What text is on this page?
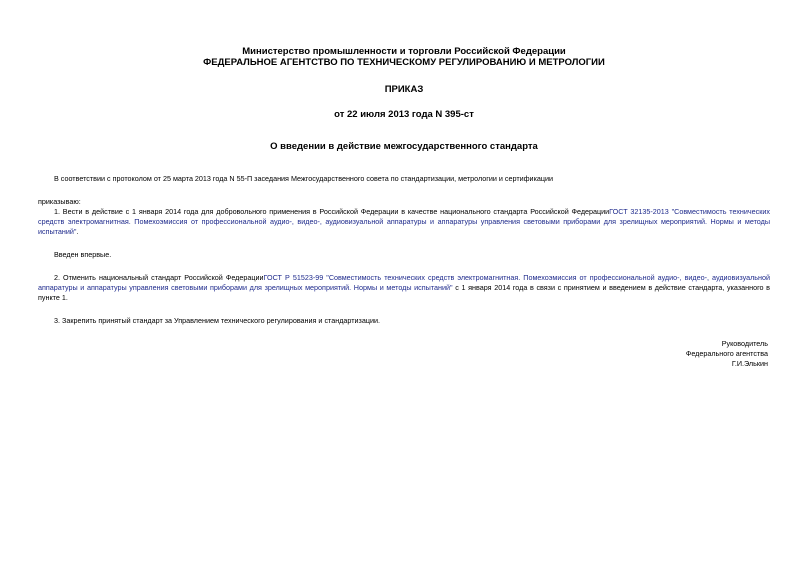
Министерство промышленности и торговли Российской Федерации
ФЕДЕРАЛЬНОЕ АГЕНТСТВО ПО ТЕХНИЧЕСКОМУ РЕГУЛИРОВАНИЮ И МЕТРОЛОГИИ
ПРИКАЗ
от 22 июля 2013 года N 395-ст
О введении в действие межгосударственного стандарта

В соответствии с протоколом от 25 марта 2013 года N 55-П заседания Межгосударственного совета по стандартизации, метрологии и сертификации

приказываю:

1. Вести в действие с 1 января 2014 года для добровольного применения в Российской Федерации в качестве национального стандарта Российской ФедерацииГОСТ 32135-2013 "Совместимость технических средств электромагнитная. Помехоэмиссия от профессиональной аудио-, видео-, аудиовизуальной аппаратуры и аппаратуры управления световыми приборами для зрелищных мероприятий. Нормы и методы испытаний".

Введен впервые.

2. Отменить национальный стандарт Российской ФедерацииГОСТ Р 51523-99 "Совместимость технических средств электромагнитная. Помехоэмиссия от профессиональной аудио-, видео-, аудиовизуальной аппаратуры и аппаратуры управления световыми приборами для зрелищных мероприятий. Нормы и методы испытаний" с 1 января 2014 года в связи с принятием и введением в действие стандарта, указанного в пункте 1.

3. Закрепить принятый стандарт за Управлением технического регулирования и стандартизации.

Руководитель
Федерального агентства
Г.И.Элькин
